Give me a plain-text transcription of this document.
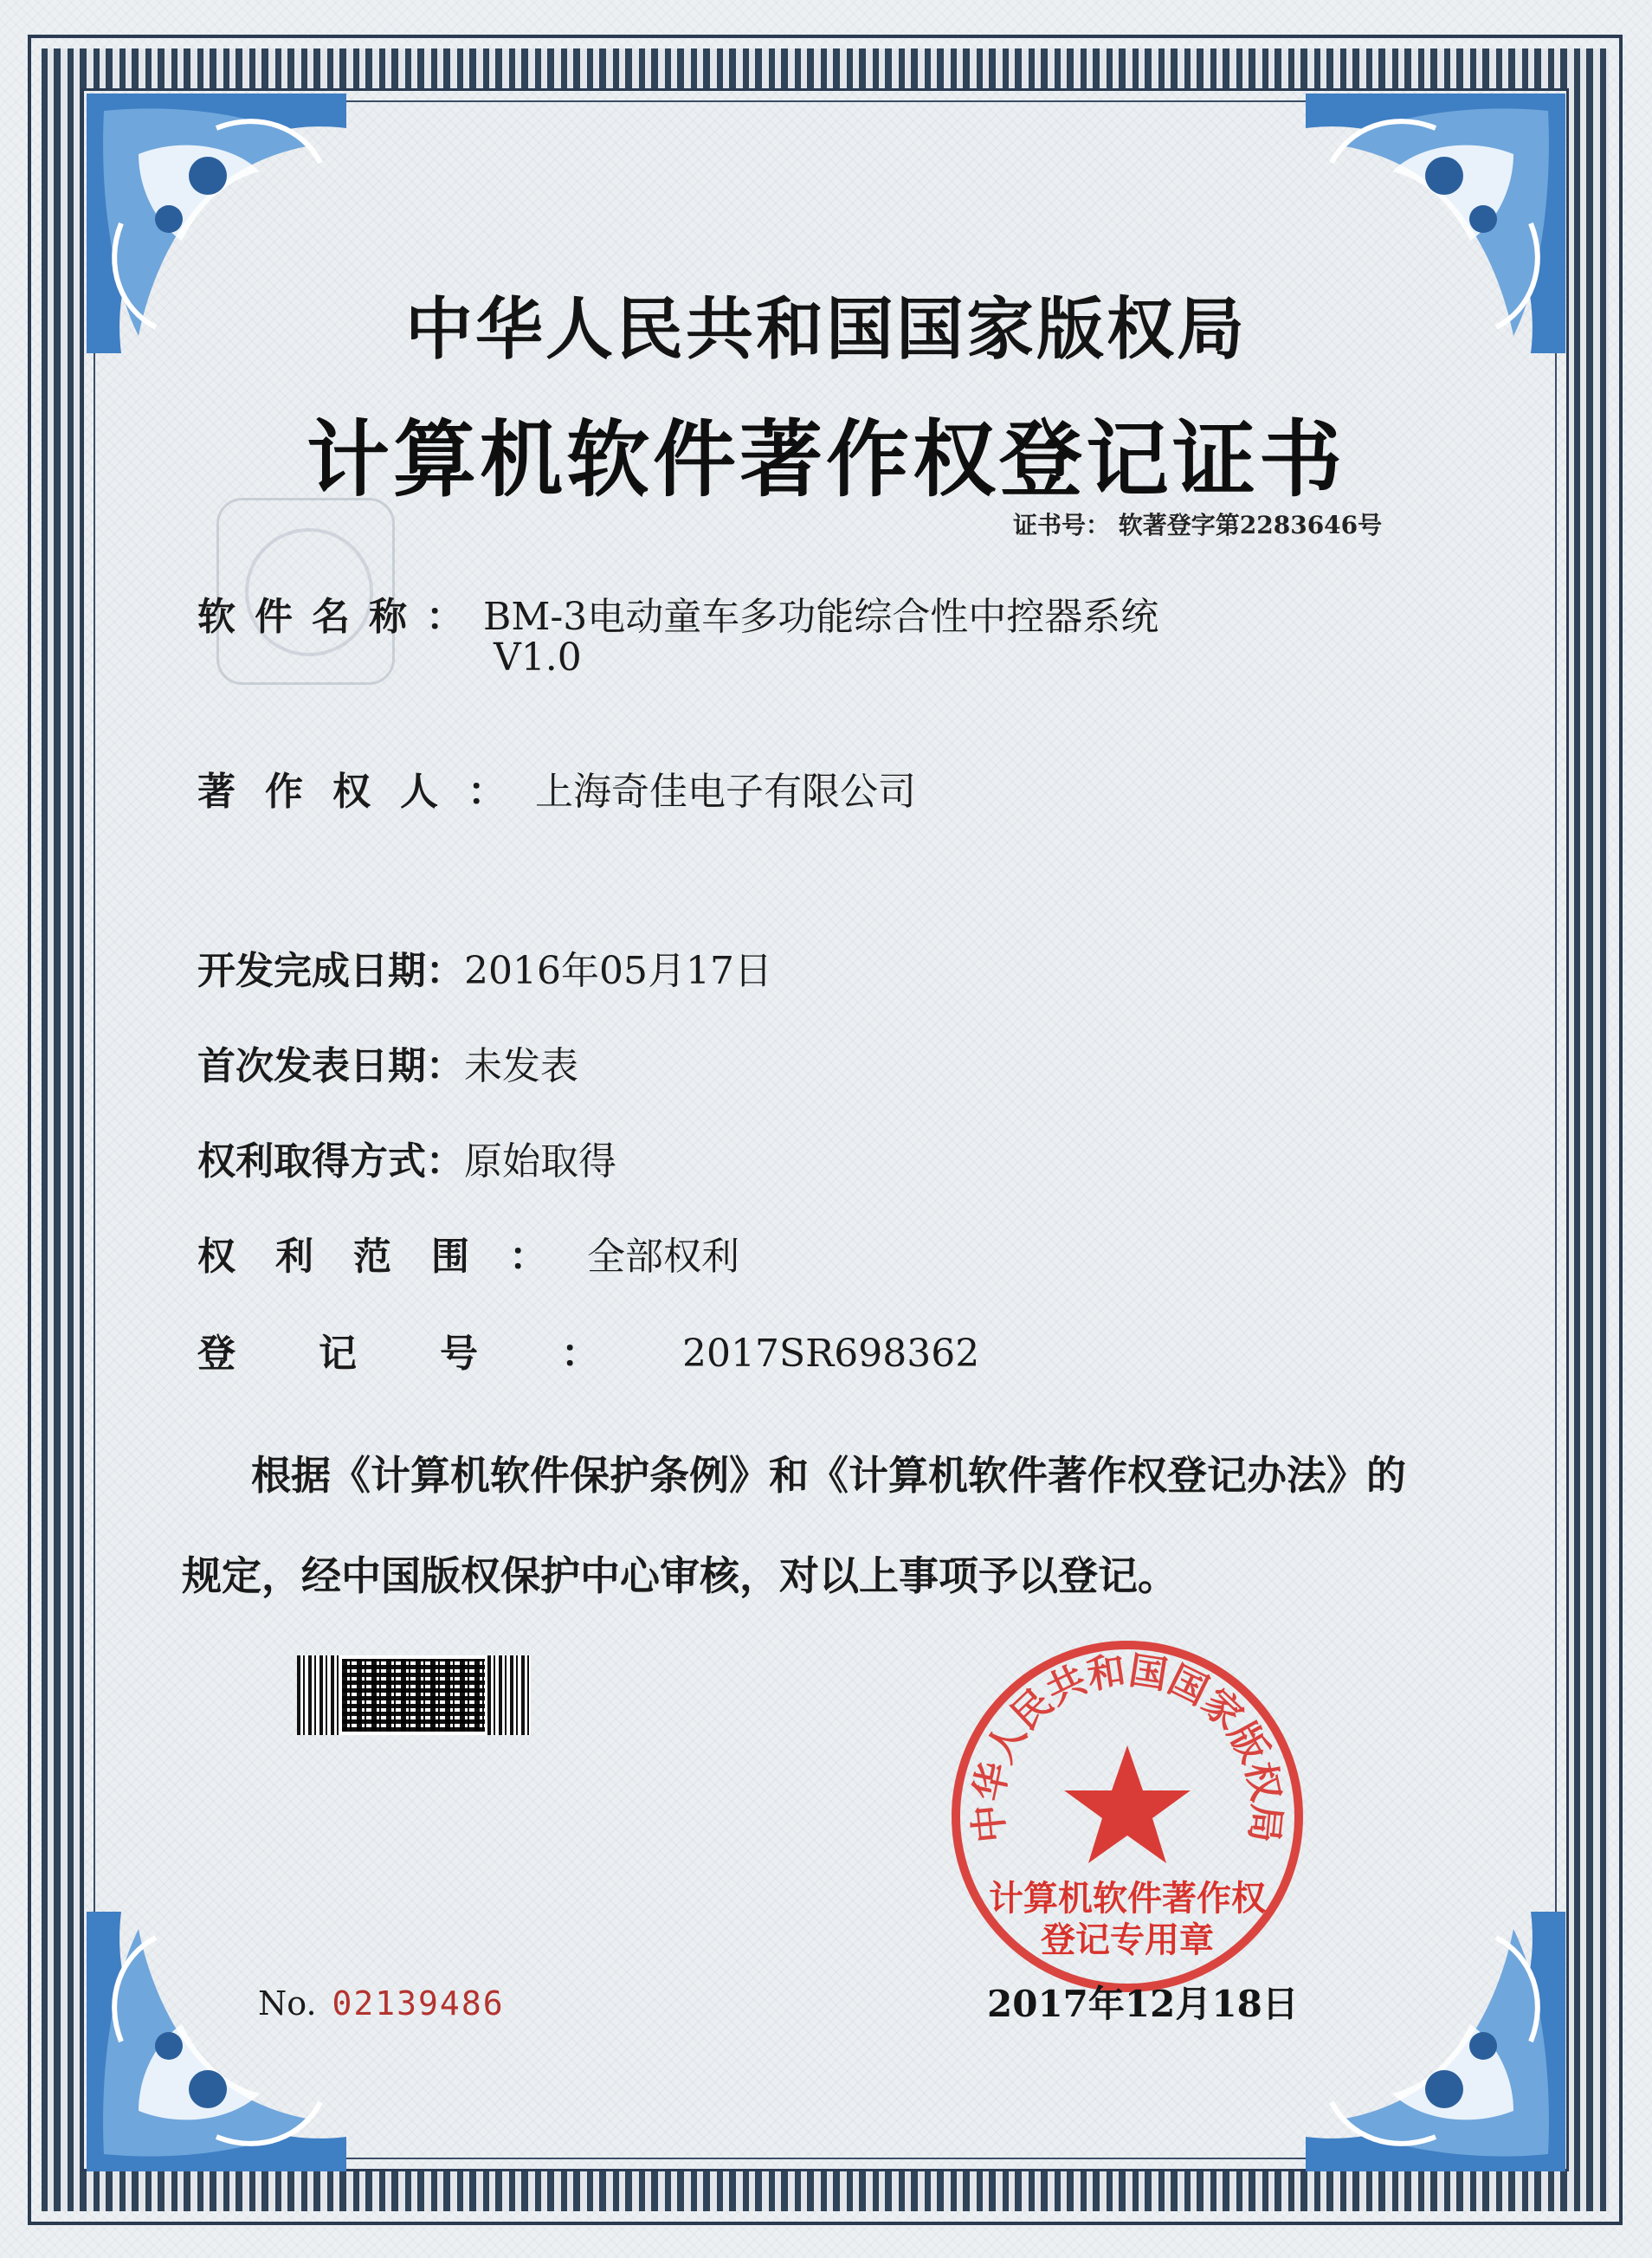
中华人民共和国国家版权局
计算机软件著作权登记证书
证书号： 软著登字第2283646号
软件名称：BM-3电动童车多功能综合性中控器系统
V1.0
著作权人：上海奇佳电子有限公司
开发完成日期：2016年05月17日
首次发表日期：未发表
权利取得方式：原始取得
权利范围：全部权利
登记号：2017SR698362
根据《计算机软件保护条例》和《计算机软件著作权登记办法》的
规定，经中国版权保护中心审核，对以上事项予以登记。
中华人民共和国国家版权局
计算机软件著作权
登记专用章
No. 02139486	2017年12月18日
